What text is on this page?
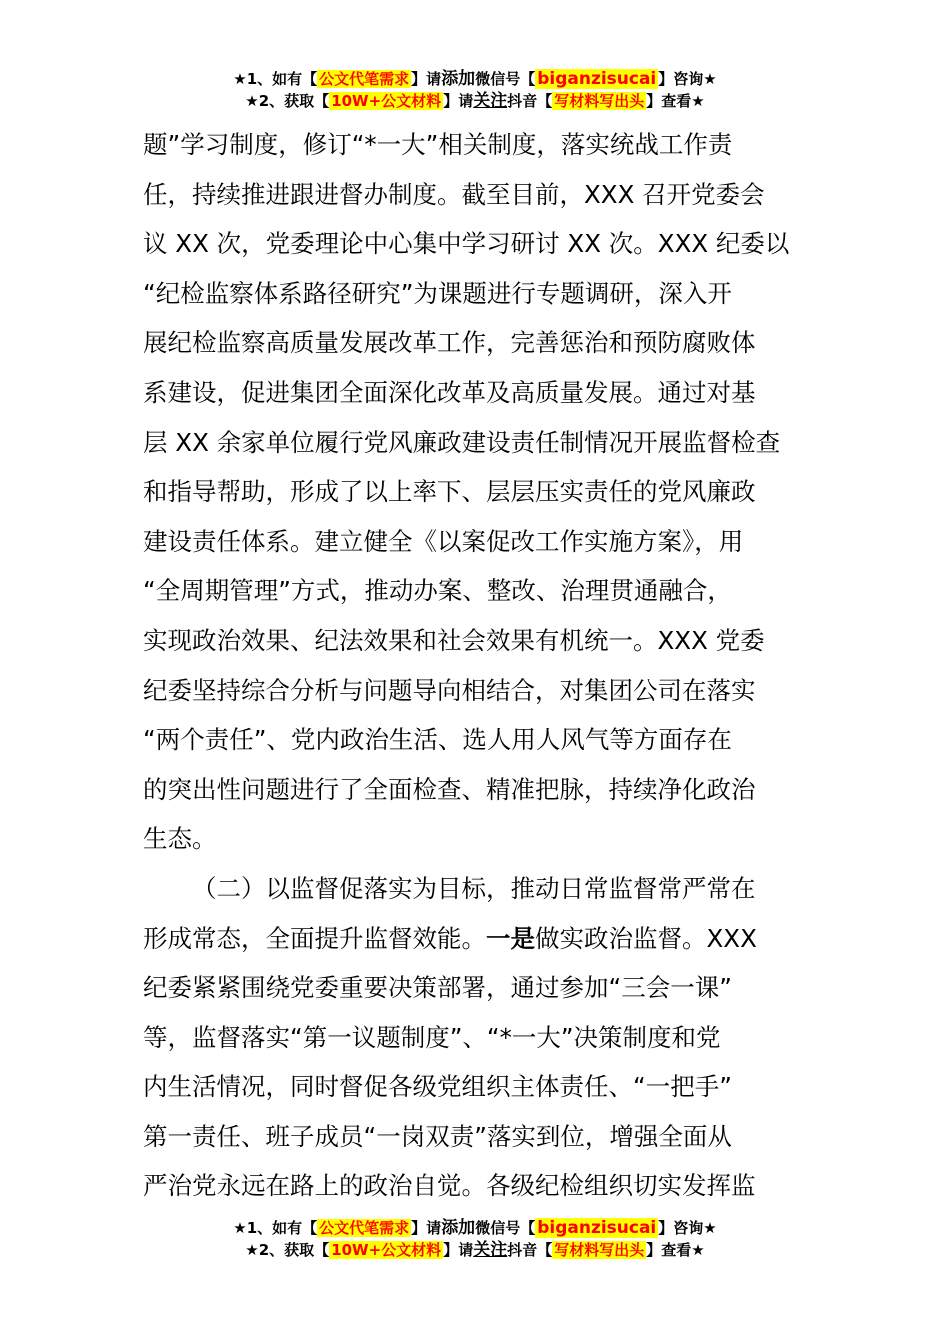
★1、如有【 公文代笔需求 】请添加微信号【 biganzisucai 】咨询★
★2、获取【 10W+公文材料 】请关注抖音【 写材料写出头 】查看★

题”学习制度，修订“*一大”相关制度，落实统战工作责
任，持续推进跟进督办制度。截至目前，XXX 召开党委会
议 XX 次，党委理论中心集中学习研讨 XX 次。XXX 纪委以
“纪检监察体系路径研究”为课题进行专题调研，深入开
展纪检监察高质量发展改革工作，完善惩治和预防腐败体
系建设，促进集团全面深化改革及高质量发展。通过对基
层 XX 余家单位履行党风廉政建设责任制情况开展监督检查
和指导帮助，形成了以上率下、层层压实责任的党风廉政
建设责任体系。建立健全《以案促改工作实施方案》，用
“全周期管理”方式，推动办案、整改、治理贯通融合，
实现政治效果、纪法效果和社会效果有机统一。XXX 党委
纪委坚持综合分析与问题导向相结合，对集团公司在落实
“两个责任”、党内政治生活、选人用人风气等方面存在
的突出性问题进行了全面检查、精准把脉，持续净化政治
生态。

（二）以监督促落实为目标，推动日常监督常严常在
形成常态，全面提升监督效能。一是做实政治监督。XXX
纪委紧紧围绕党委重要决策部署，通过参加“三会一课”
等，监督落实“第一议题制度”、“*一大”决策制度和党
内生活情况，同时督促各级党组织主体责任、“一把手”
第一责任、班子成员“一岗双责”落实到位，增强全面从
严治党永远在路上的政治自觉。各级纪检组织切实发挥监

★1、如有【 公文代笔需求 】请添加微信号【 biganzisucai 】咨询★
★2、获取【 10W+公文材料 】请关注抖音【 写材料写出头 】查看★
